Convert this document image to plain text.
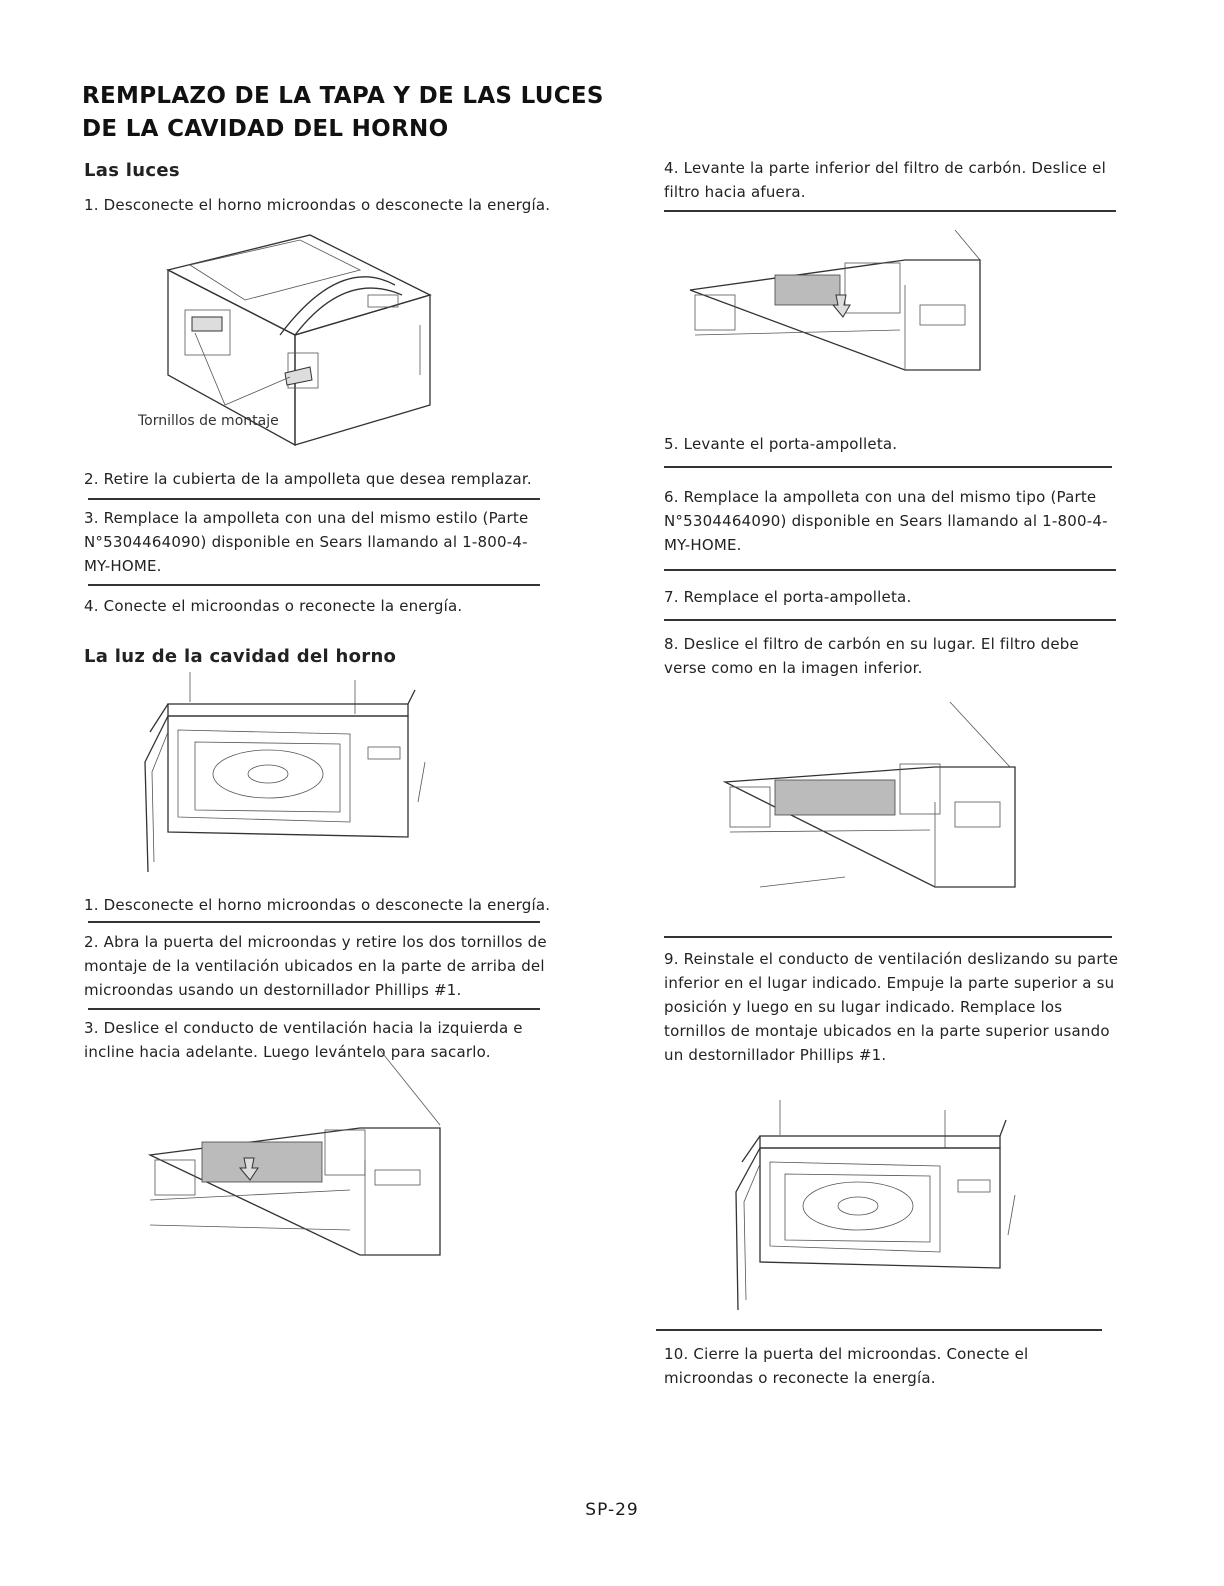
REMPLAZO DE LA TAPA Y DE LAS LUCES
DE LA CAVIDAD DEL HORNO
Las luces
1. Desconecte el horno microondas o desconecte la energía.
Tornillos de montaje
2. Retire la cubierta de la ampolleta que desea remplazar.
3. Remplace la ampolleta con una del mismo estilo (Parte N°5304464090) disponible en Sears llamando al 1-800-4-MY-HOME.
4. Conecte el microondas o reconecte la energía.
La luz de la cavidad del horno
1. Desconecte el horno microondas o desconecte la energía.
2. Abra la puerta del microondas y retire los dos tornillos de montaje de la ventilación ubicados en la parte de arriba del microondas usando un destornillador Phillips #1.
3. Deslice el conducto de ventilación hacia la izquierda e incline hacia adelante. Luego levántelo para sacarlo.
4. Levante la parte inferior del filtro de carbón. Deslice el filtro hacia afuera.
5. Levante el porta-ampolleta.
6. Remplace la ampolleta con una del mismo tipo (Parte N°5304464090) disponible en Sears llamando al 1-800-4-MY-HOME.
7. Remplace el porta-ampolleta.
8. Deslice el filtro de carbón en su lugar. El filtro debe verse como en la imagen inferior.
9. Reinstale el conducto de ventilación deslizando su parte inferior en el lugar indicado. Empuje la parte superior a su posición y luego en su lugar indicado. Remplace los tornillos de montaje ubicados en la parte superior usando un destornillador Phillips #1.
10. Cierre la puerta del microondas. Conecte el microondas o reconecte la energía.
SP-29
